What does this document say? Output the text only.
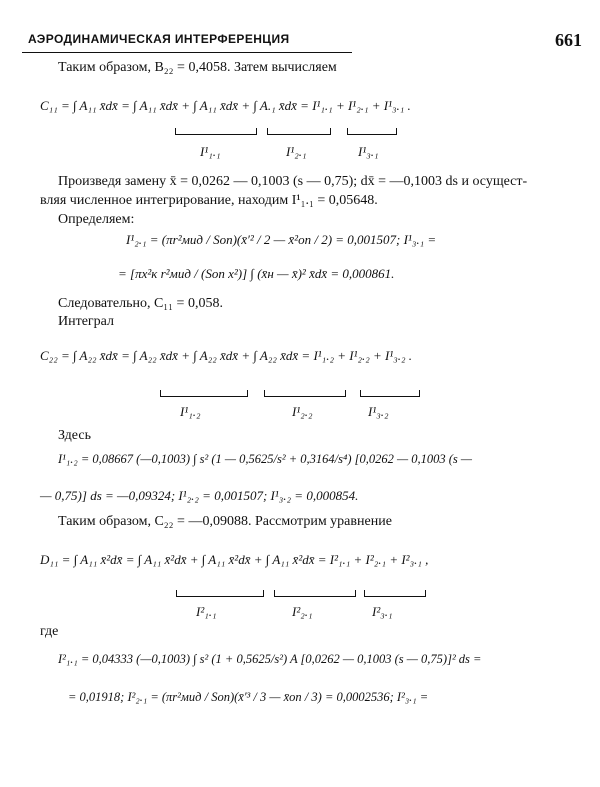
АЭРОДИНАМИЧЕСКАЯ ИНТЕРФЕРЕНЦИЯ	661
Таким образом, B₂₂ = 0,4058. Затем вычисляем
C₁₁ = ∫ A₁₁ x̄dx̄ = ∫ A₁₁ x̄dx̄ + ∫ A₁₁ x̄dx̄ + ∫ A.₁ x̄dx̄ = I¹₁.₁ + I¹₂.₁ + I¹₃.₁ .
I¹₁.₁	I¹₂.₁	I¹₃.₁
Произведя замену x̄ = 0,0262 — 0,1003 (s — 0,75); dx̄ = —0,1003 ds и осущест-
вляя численное интегрирование, находим I¹₁.₁ = 0,05648.
Определяем:
I¹₂.₁ = (πr²мид / Sоп)(x̄′² / 2 — x̄²оп / 2) = 0,001507; I¹₃.₁ =
= [πx²к r²мид / (Sоп x²)] ∫ (x̄н — x̄)² x̄dx̄ = 0,000861.
Следовательно, C₁₁ = 0,058.
Интеграл
C₂₂ = ∫ A₂₂ x̄dx̄ = ∫ A₂₂ x̄dx̄ + ∫ A₂₂ x̄dx̄ + ∫ A₂₂ x̄dx̄ = I¹₁.₂ + I¹₂.₂ + I¹₃.₂ .
I¹₁.₂	I¹₂.₂	I¹₃.₂
Здесь
I¹₁.₂ = 0,08667 (—0,1003) ∫ s² (1 — 0,5625/s² + 0,3164/s⁴) [0,0262 — 0,1003 (s —
— 0,75)] ds = —0,09324; I¹₂.₂ = 0,001507; I¹₃.₂ = 0,000854.
Таким образом, C₂₂ = —0,09088. Рассмотрим уравнение
D₁₁ = ∫ A₁₁ x̄²dx̄ = ∫ A₁₁ x̄²dx̄ + ∫ A₁₁ x̄²dx̄ + ∫ A₁₁ x̄²dx̄ = I²₁.₁ + I²₂.₁ + I²₃.₁ ,
I²₁.₁	I²₂.₁	I²₃.₁
где
I²₁.₁ = 0,04333 (—0,1003) ∫ s² (1 + 0,5625/s²) A [0,0262 — 0,1003 (s — 0,75)]² ds =
= 0,01918; I²₂.₁ = (πr²мид / Sоп)(x̄′³ / 3 — x̄оп / 3) = 0,0002536; I²₃.₁ =
